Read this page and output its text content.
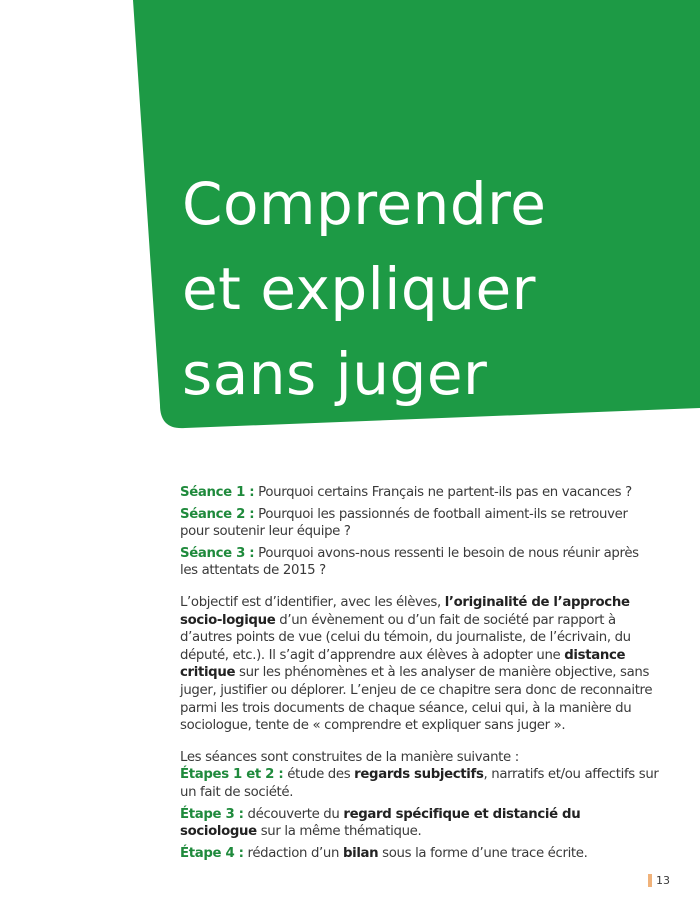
Comprendre
et expliquer
sans juger

Séance 1 : Pourquoi certains Français ne partent-ils pas en vacances ?

Séance 2 : Pourquoi les passionnés de football aiment-ils se retrouver pour soutenir leur équipe ?

Séance 3 : Pourquoi avons-nous ressenti le besoin de nous réunir après les attentats de 2015 ?

L’objectif est d’identifier, avec les élèves, l’originalité de l’approche socio-logique d’un évènement ou d’un fait de société par rapport à d’autres points de vue (celui du témoin, du journaliste, de l’écrivain, du député, etc.). Il s’agit d’apprendre aux élèves à adopter une distance critique sur les phénomènes et à les analyser de manière objective, sans juger, justifier ou déplorer. L’enjeu de ce chapitre sera donc de reconnaitre parmi les trois documents de chaque séance, celui qui, à la manière du sociologue, tente de « comprendre et expliquer sans juger ».

Les séances sont construites de la manière suivante :

Étapes 1 et 2 : étude des regards subjectifs, narratifs et/ou affectifs sur un fait de société.

Étape 3 : découverte du regard spécifique et distancié du sociologue sur la même thématique.

Étape 4 : rédaction d’un bilan sous la forme d’une trace écrite.

13
